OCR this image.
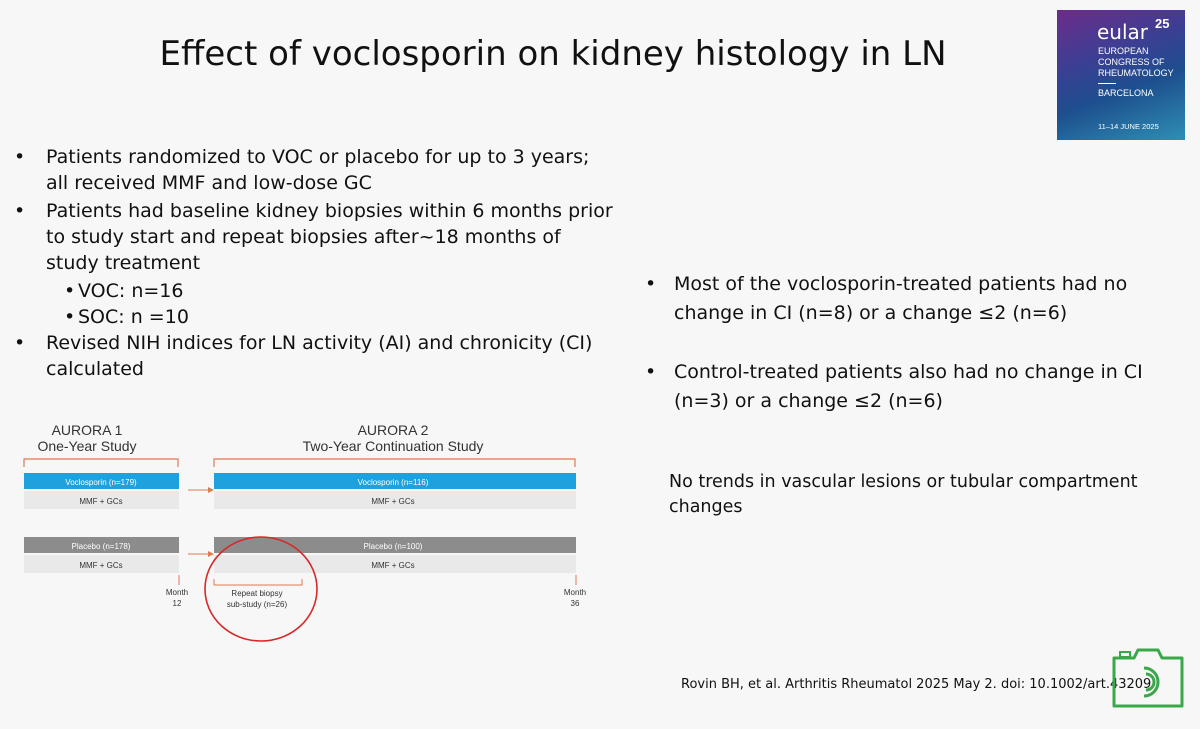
Effect of voclosporin on kidney histology in LN
eular 25
EUROPEAN CONGRESS OF RHEUMATOLOGY
BARCELONA
11–14 JUNE 2025
• Patients randomized to VOC or placebo for up to 3 years; all received MMF and low-dose GC
• Patients had baseline kidney biopsies within 6 months prior to study start and repeat biopsies after~18 months of study treatment
• VOC: n=16
• SOC: n =10
• Revised NIH indices for LN activity (AI) and chronicity (CI) calculated
• Most of the voclosporin-treated patients had no change in CI (n=8) or a change ≤2 (n=6)
• Control-treated patients also had no change in CI (n=3) or a change ≤2 (n=6)
No trends in vascular lesions or tubular compartment changes
Rovin BH, et al. Arthritis Rheumatol 2025 May 2. doi: 10.1002/art.43209
AURORA 1
One-Year Study
AURORA 2
Two-Year Continuation Study
Voclosporin (n=179)
MMF + GCs
Voclosporin (n=116)
MMF + GCs
Placebo (n=178)
MMF + GCs
Placebo (n=100)
MMF + GCs
Month
12
Month
36
Repeat biopsy
sub-study (n=26)
